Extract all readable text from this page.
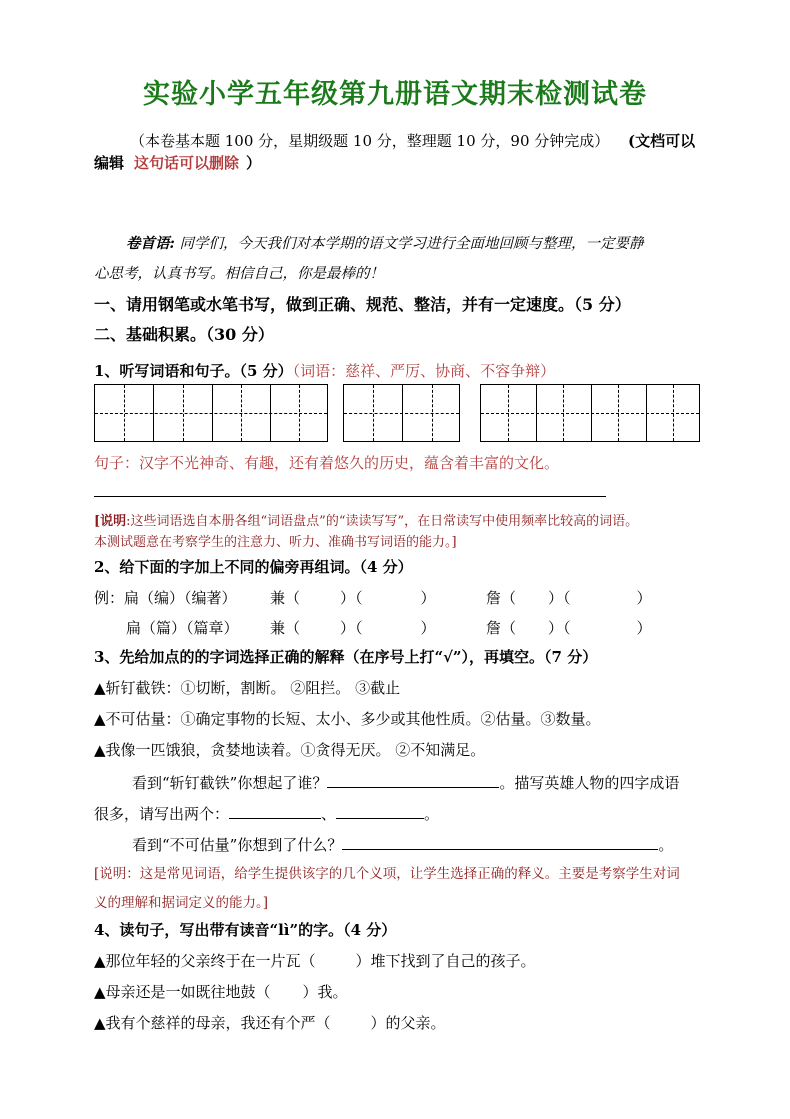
实验小学五年级第九册语文期末检测试卷
（本卷基本题 100 分，星期级题 10 分，整理题 10 分，90 分钟完成） (文档可以
编辑 这句话可以删除 ）
卷首语: 同学们，今天我们对本学期的语文学习进行全面地回顾与整理，一定要静
心思考，认真书写。相信自己，你是最棒的！
一、请用钢笔或水笔书写，做到正确、规范、整洁，并有一定速度。（5 分）
二、基础积累。（30 分）
1、听写词语和句子。（5 分）（词语：慈祥、严厉、协商、不容争辩）
句子：汉字不光神奇、有趣，还有着悠久的历史，蕴含着丰富的文化。
[说明:这些词语选自本册各组“词语盘点”的“读读写写”，在日常读写中使用频率比较高的词语。
本测试题意在考察学生的注意力、听力、准确书写词语的能力。]
2、给下面的字加上不同的偏旁再组词。（4 分）
例：扁（编）（编著） 兼（	）（	）	詹（ ）（	）
扁（篇）（篇章） 兼（	）（	）	詹（ ）（	）
3、先给加点的的字词选择正确的解释（在序号上打“√”），再填空。（7 分）
▲斩钉截铁：①切断，割断。 ②阻拦。 ③截止
▲不可估量：①确定事物的长短、太小、多少或其他性质。②估量。③数量。
▲我像一匹饿狼，贪婪地读着。①贪得无厌。 ②不知满足。
看到“斩钉截铁”你想起了谁？	。描写英雄人物的四字成语
很多，请写出两个：	、	。
看到“不可估量”你想到了什么？	。
[说明：这是常见词语，给学生提供该字的几个义项，让学生选择正确的释义。主要是考察学生对词
义的理解和据词定义的能力。]
4、读句子，写出带有读音“lì”的字。（4 分）
▲那位年轻的父亲终于在一片瓦（	）堆下找到了自己的孩子。
▲母亲还是一如既往地鼓（ ）我。
▲我有个慈祥的母亲，我还有个严（	）的父亲。
